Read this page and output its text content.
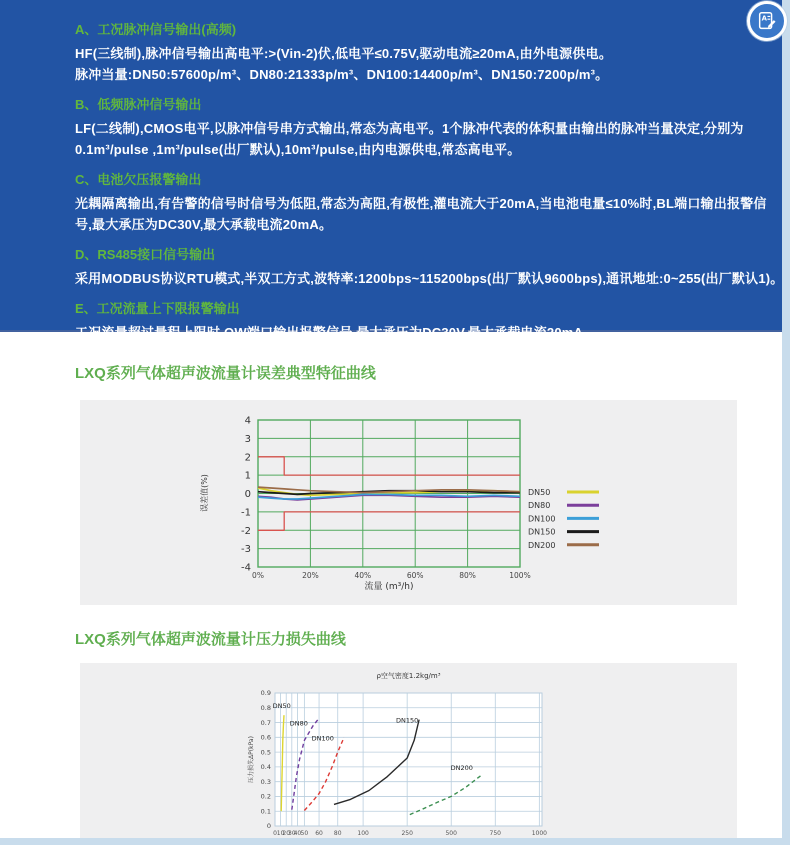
A、工况脉冲信号输出(高频)

HF(三线制),脉冲信号输出高电平:>(Vin-2)伏,低电平≤0.75V,驱动电流≥20mA,由外电源供电。

脉冲当量:DN50:57600p/m³、DN80:21333p/m³、DN100:14400p/m³、DN150:7200p/m³。

B、低频脉冲信号输出

LF(二线制),CMOS电平,以脉冲信号串方式输出,常态为高电平。1个脉冲代表的体积量由输出的脉冲当量决定,分别为

0.1m³/pulse ,1m³/pulse(出厂默认),10m³/pulse,由内电源供电,常态高电平。

C、电池欠压报警输出

光耦隔离输出,有告警的信号时信号为低阻,常态为高阻,有极性,灌电流大于20mA,当电池电量≤10%时,BL端口输出报警信

号,最大承压为DC30V,最大承载电流20mA。

D、RS485接口信号输出

采用MODBUS协议RTU模式,半双工方式,波特率:1200bps~115200bps(出厂默认9600bps),通讯地址:0~255(出厂默认1)。

E、工况流量上下限报警输出

工况流量超过量程上限时,QW端口输出报警信号,最大承压为DC30V,最大承载电流20mA。

A
LXQ系列气体超声波流量计误差典型特征曲线
-4
-3
-2
-1
0
1
2
3
4
0%	20%	40%	60%	80%	100%
DN50
DN80
DN100
DN150
DN200
误差值(%)
流量 (m³/h)
LXQ系列气体超声波流量计压力损失曲线
0 10
20
30
40 50 60 80	100	250	500	750	1000
0
0.1
0.2
0.3
0.4
0.5
0.6
0.7
0.8
0.9
DN50
DN80
DN100
DN150
DN200
ρ空气密度1.2kg/m³
压力损失ΔP(kPa)
